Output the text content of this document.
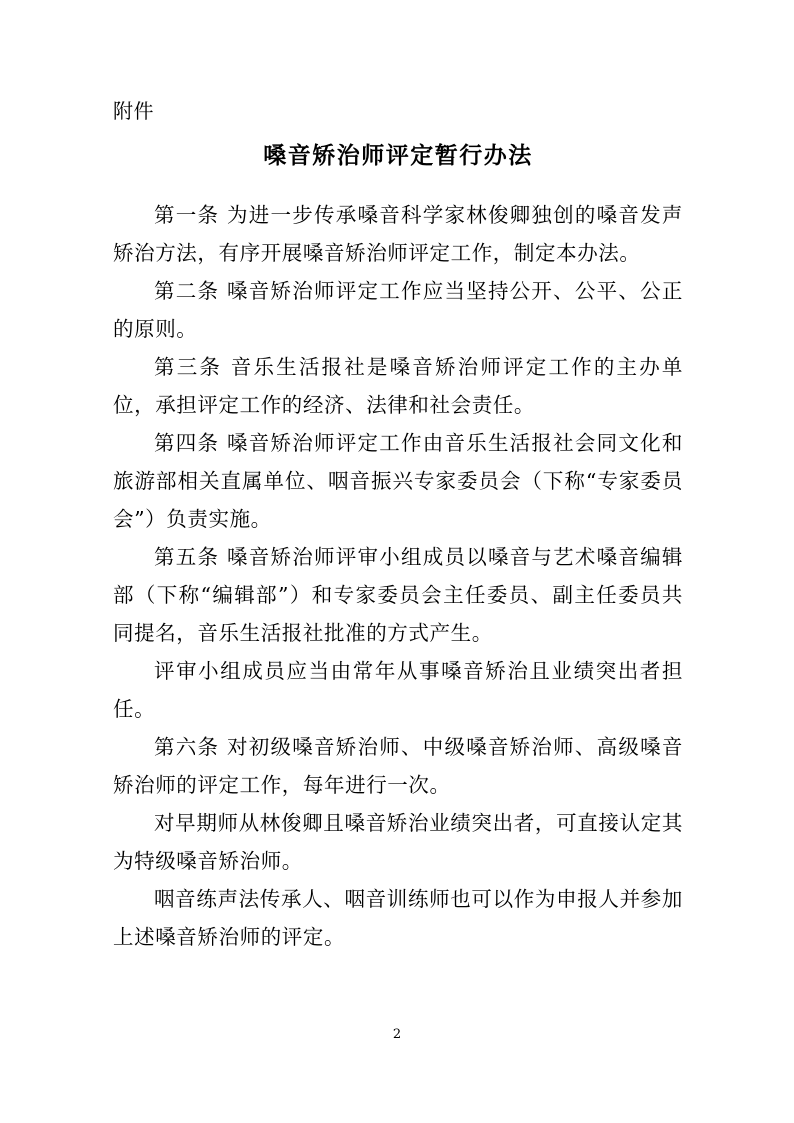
附件
嗓音矫治师评定暂行办法

第一条 为进一步传承嗓音科学家林俊卿独创的嗓音发声矫治方法，有序开展嗓音矫治师评定工作，制定本办法。

第二条 嗓音矫治师评定工作应当坚持公开、公平、公正的原则。

第三条 音乐生活报社是嗓音矫治师评定工作的主办单位，承担评定工作的经济、法律和社会责任。

第四条 嗓音矫治师评定工作由音乐生活报社会同文化和旅游部相关直属单位、咽音振兴专家委员会（下称“专家委员会”）负责实施。

第五条 嗓音矫治师评审小组成员以嗓音与艺术嗓音编辑部（下称“编辑部”）和专家委员会主任委员、副主任委员共同提名，音乐生活报社批准的方式产生。

评审小组成员应当由常年从事嗓音矫治且业绩突出者担任。

第六条 对初级嗓音矫治师、中级嗓音矫治师、高级嗓音矫治师的评定工作，每年进行一次。

对早期师从林俊卿且嗓音矫治业绩突出者，可直接认定其为特级嗓音矫治师。

咽音练声法传承人、咽音训练师也可以作为申报人并参加上述嗓音矫治师的评定。

2
